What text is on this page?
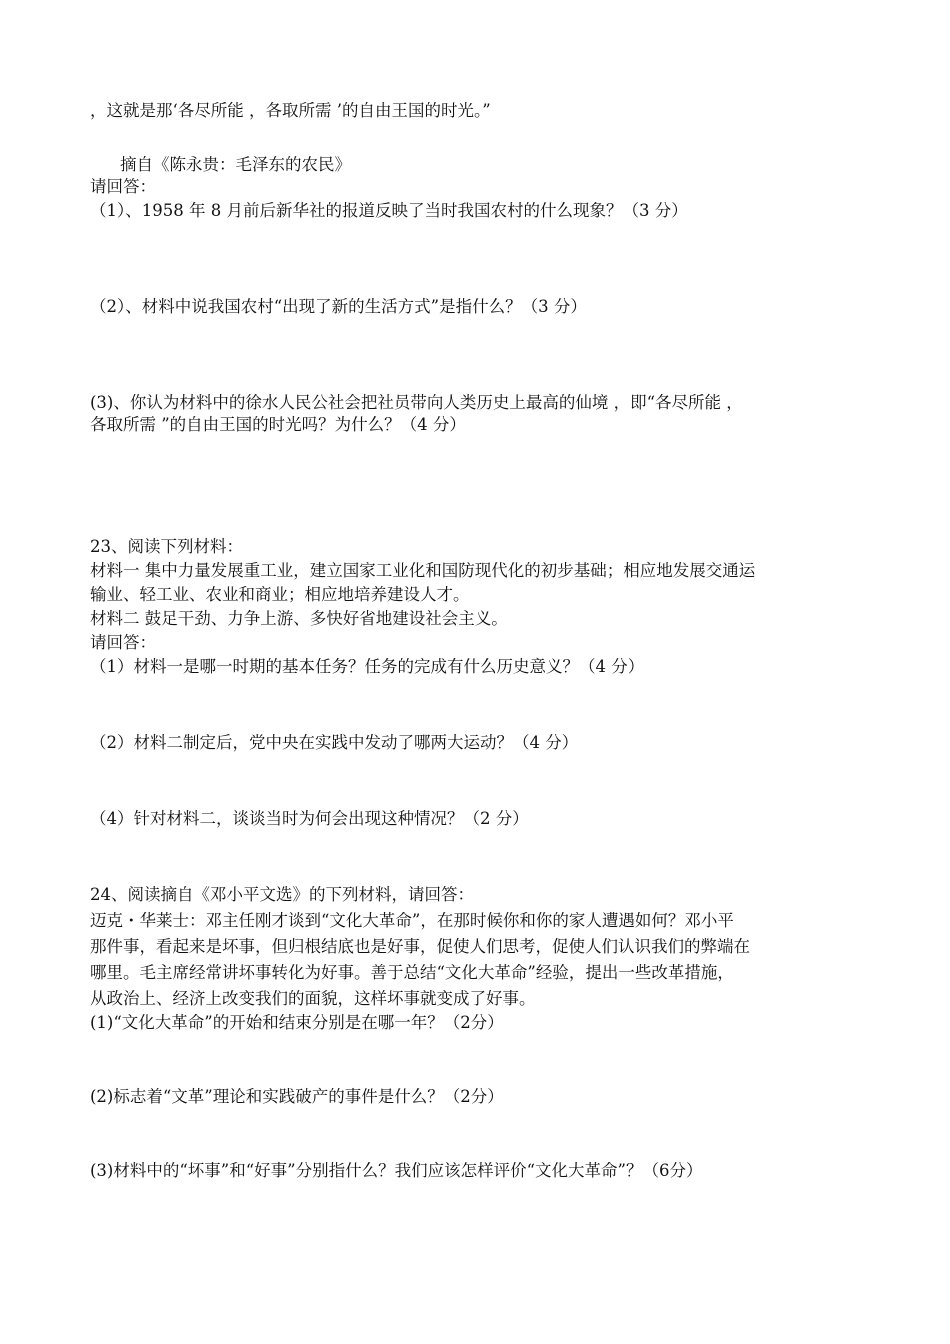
，这就是那‘各尽所能 ，各取所需 ’的自由王国的时光。”
摘自《陈永贵：毛泽东的农民》
请回答：
（1）、1958 年 8 月前后新华社的报道反映了当时我国农村的什么现象？（3 分）
（2）、材料中说我国农村“出现了新的生活方式”是指什么？（3 分）
(3)、你认为材料中的徐水人民公社会把社员带向人类历史上最高的仙境 ，即“各尽所能 ，
各取所需 ”的自由王国的时光吗？为什么？（4 分）
23、阅读下列材料：
材料一 集中力量发展重工业，建立国家工业化和国防现代化的初步基础；相应地发展交通运
输业、轻工业、农业和商业；相应地培养建设人才。
材料二 鼓足干劲、力争上游、多快好省地建设社会主义。
请回答：
（1）材料一是哪一时期的基本任务？任务的完成有什么历史意义？（4 分）
（2）材料二制定后，党中央在实践中发动了哪两大运动？（4 分）
（4）针对材料二，谈谈当时为何会出现这种情况？（2 分）
24、阅读摘自《邓小平文选》的下列材料，请回答：
迈克・华莱士：邓主任刚才谈到“文化大革命”，在那时候你和你的家人遭遇如何？邓小平
那件事，看起来是坏事，但归根结底也是好事，促使人们思考，促使人们认识我们的弊端在
哪里。毛主席经常讲坏事转化为好事。善于总结“文化大革命”经验，提出一些改革措施，
从政治上、经济上改变我们的面貌，这样坏事就变成了好事。
(1)“文化大革命”的开始和结束分别是在哪一年？（2分）
(2)标志着“文革”理论和实践破产的事件是什么？（2分）
(3)材料中的“坏事”和“好事”分别指什么？我们应该怎样评价“文化大革命”？（6分）
